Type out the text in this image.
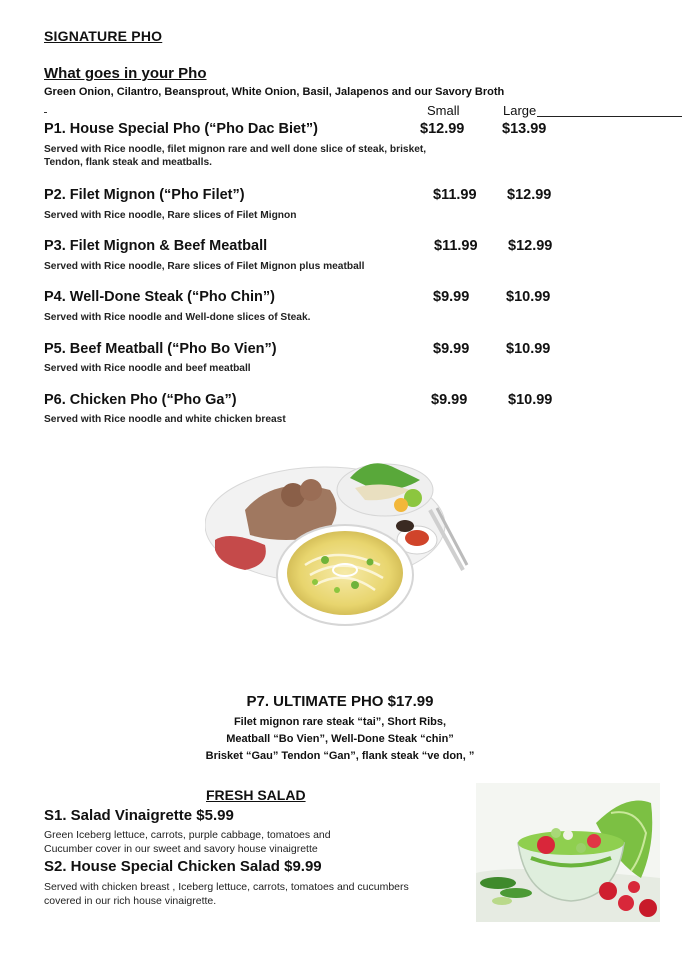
SIGNATURE PHO
What goes in your Pho
Green Onion, Cilantro, Beansprout, White Onion, Basil, Jalapenos and our Savory Broth
Small	Large
P1. House Special Pho (“Pho Dac Biet”)	$12.99	$13.99
Served with Rice noodle, filet mignon rare and well done slice of steak, brisket, Tendon, flank steak and meatballs.
P2. Filet Mignon (“Pho Filet”)	$11.99 $12.99
Served with Rice noodle, Rare slices of Filet Mignon
P3. Filet Mignon & Beef Meatball	$11.99 $12.99
Served with Rice noodle, Rare slices of Filet Mignon plus meatball
P4. Well-Done Steak (“Pho Chin”)	$9.99	$10.99
Served with Rice noodle and Well-done slices of Steak.
P5. Beef Meatball (“Pho Bo Vien”)	$9.99	$10.99
Served with Rice noodle and beef meatball
P6. Chicken Pho (“Pho Ga”)	$9.99	$10.99
Served with Rice noodle and white chicken breast
P7. ULTIMATE PHO $17.99
Filet mignon rare steak “tai”, Short Ribs,
Meatball “Bo Vien”, Well-Done Steak “chin”
Brisket “Gau” Tendon “Gan”, flank steak “ve don, ”
FRESH SALAD
S1. Salad Vinaigrette $5.99
Green Iceberg lettuce, carrots, purple cabbage, tomatoes and
Cucumber cover in our sweet and savory house vinaigrette
S2. House Special Chicken Salad $9.99
Served with chicken breast , Iceberg lettuce, carrots, tomatoes and cucumbers
covered in our rich house vinaigrette.
